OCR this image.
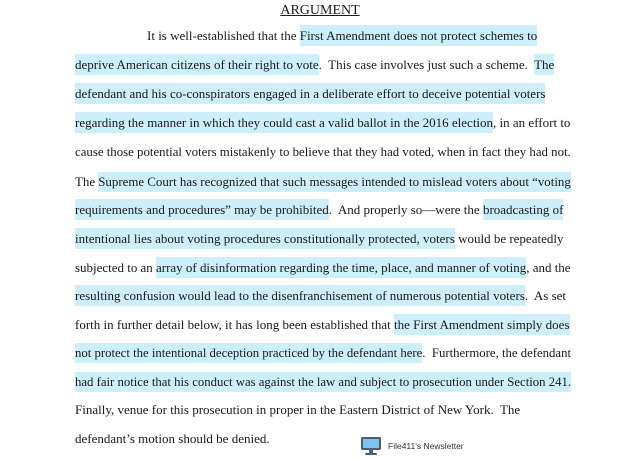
ARGUMENT
It is well-established that the First Amendment does not protect schemes to
deprive American citizens of their right to vote.  This case involves just such a scheme.  The
defendant and his co-conspirators engaged in a deliberate effort to deceive potential voters
regarding the manner in which they could cast a valid ballot in the 2016 election, in an effort to
cause those potential voters mistakenly to believe that they had voted, when in fact they had not.
The Supreme Court has recognized that such messages intended to mislead voters about “voting
requirements and procedures” may be prohibited.  And properly so—were the broadcasting of
intentional lies about voting procedures constitutionally protected, voters would be repeatedly
subjected to an array of disinformation regarding the time, place, and manner of voting, and the
resulting confusion would lead to the disenfranchisement of numerous potential voters.  As set
forth in further detail below, it has long been established that the First Amendment simply does
not protect the intentional deception practiced by the defendant here.  Furthermore, the defendant
had fair notice that his conduct was against the law and subject to prosecution under Section 241.
Finally, venue for this prosecution in proper in the Eastern District of New York.  The
defendant’s motion should be denied.	File411's Newsletter
